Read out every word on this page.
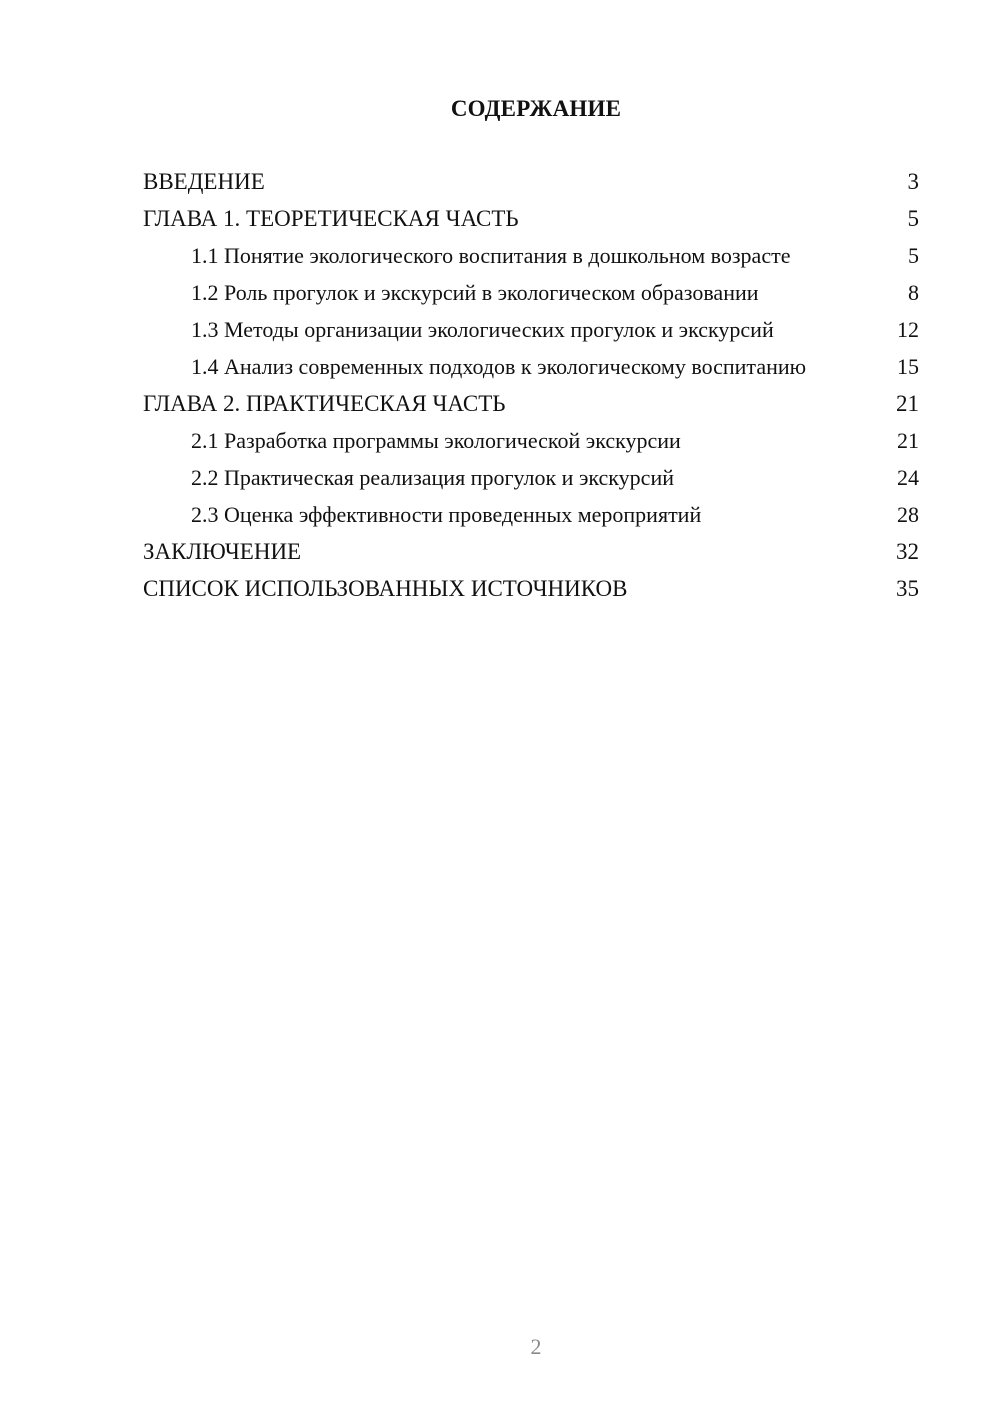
СОДЕРЖАНИЕ
ВВЕДЕНИЕ	3
ГЛАВА 1. ТЕОРЕТИЧЕСКАЯ ЧАСТЬ	5
1.1 Понятие экологического воспитания в дошкольном возрасте	5
1.2 Роль прогулок и экскурсий в экологическом образовании	8
1.3 Методы организации экологических прогулок и экскурсий	12
1.4 Анализ современных подходов к экологическому воспитанию	15
ГЛАВА 2. ПРАКТИЧЕСКАЯ ЧАСТЬ	21
2.1 Разработка программы экологической экскурсии	21
2.2 Практическая реализация прогулок и экскурсий	24
2.3 Оценка эффективности проведенных мероприятий	28
ЗАКЛЮЧЕНИЕ	32
СПИСОК ИСПОЛЬЗОВАННЫХ ИСТОЧНИКОВ	35
2
